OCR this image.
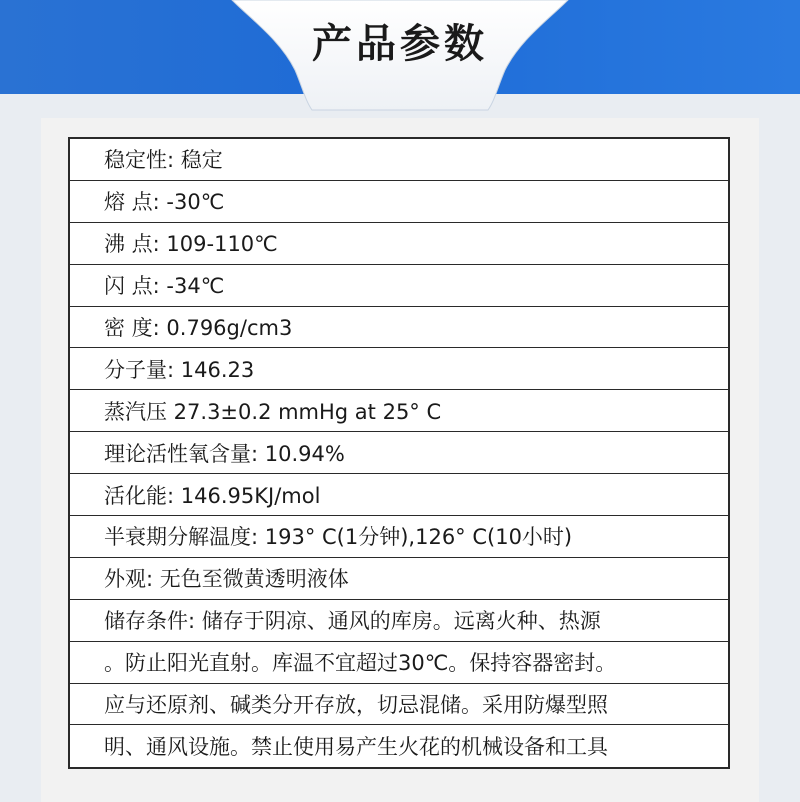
产品参数
稳定性: 稳定
熔 点: -30℃
沸 点: 109-110℃
闪 点: -34℃
密 度: 0.796g/cm3
分子量: 146.23
蒸汽压 27.3±0.2 mmHg at 25° C
理论活性氧含量: 10.94%
活化能: 146.95KJ/mol
半衰期分解温度: 193° C(1分钟),126° C(10小时)
外观: 无色至微黄透明液体
储存条件: 储存于阴凉、通风的库房。远离火种、热源
。防止阳光直射。库温不宜超过30℃。保持容器密封。
应与还原剂、碱类分开存放，切忌混储。采用防爆型照
明、通风设施。禁止使用易产生火花的机械设备和工具
